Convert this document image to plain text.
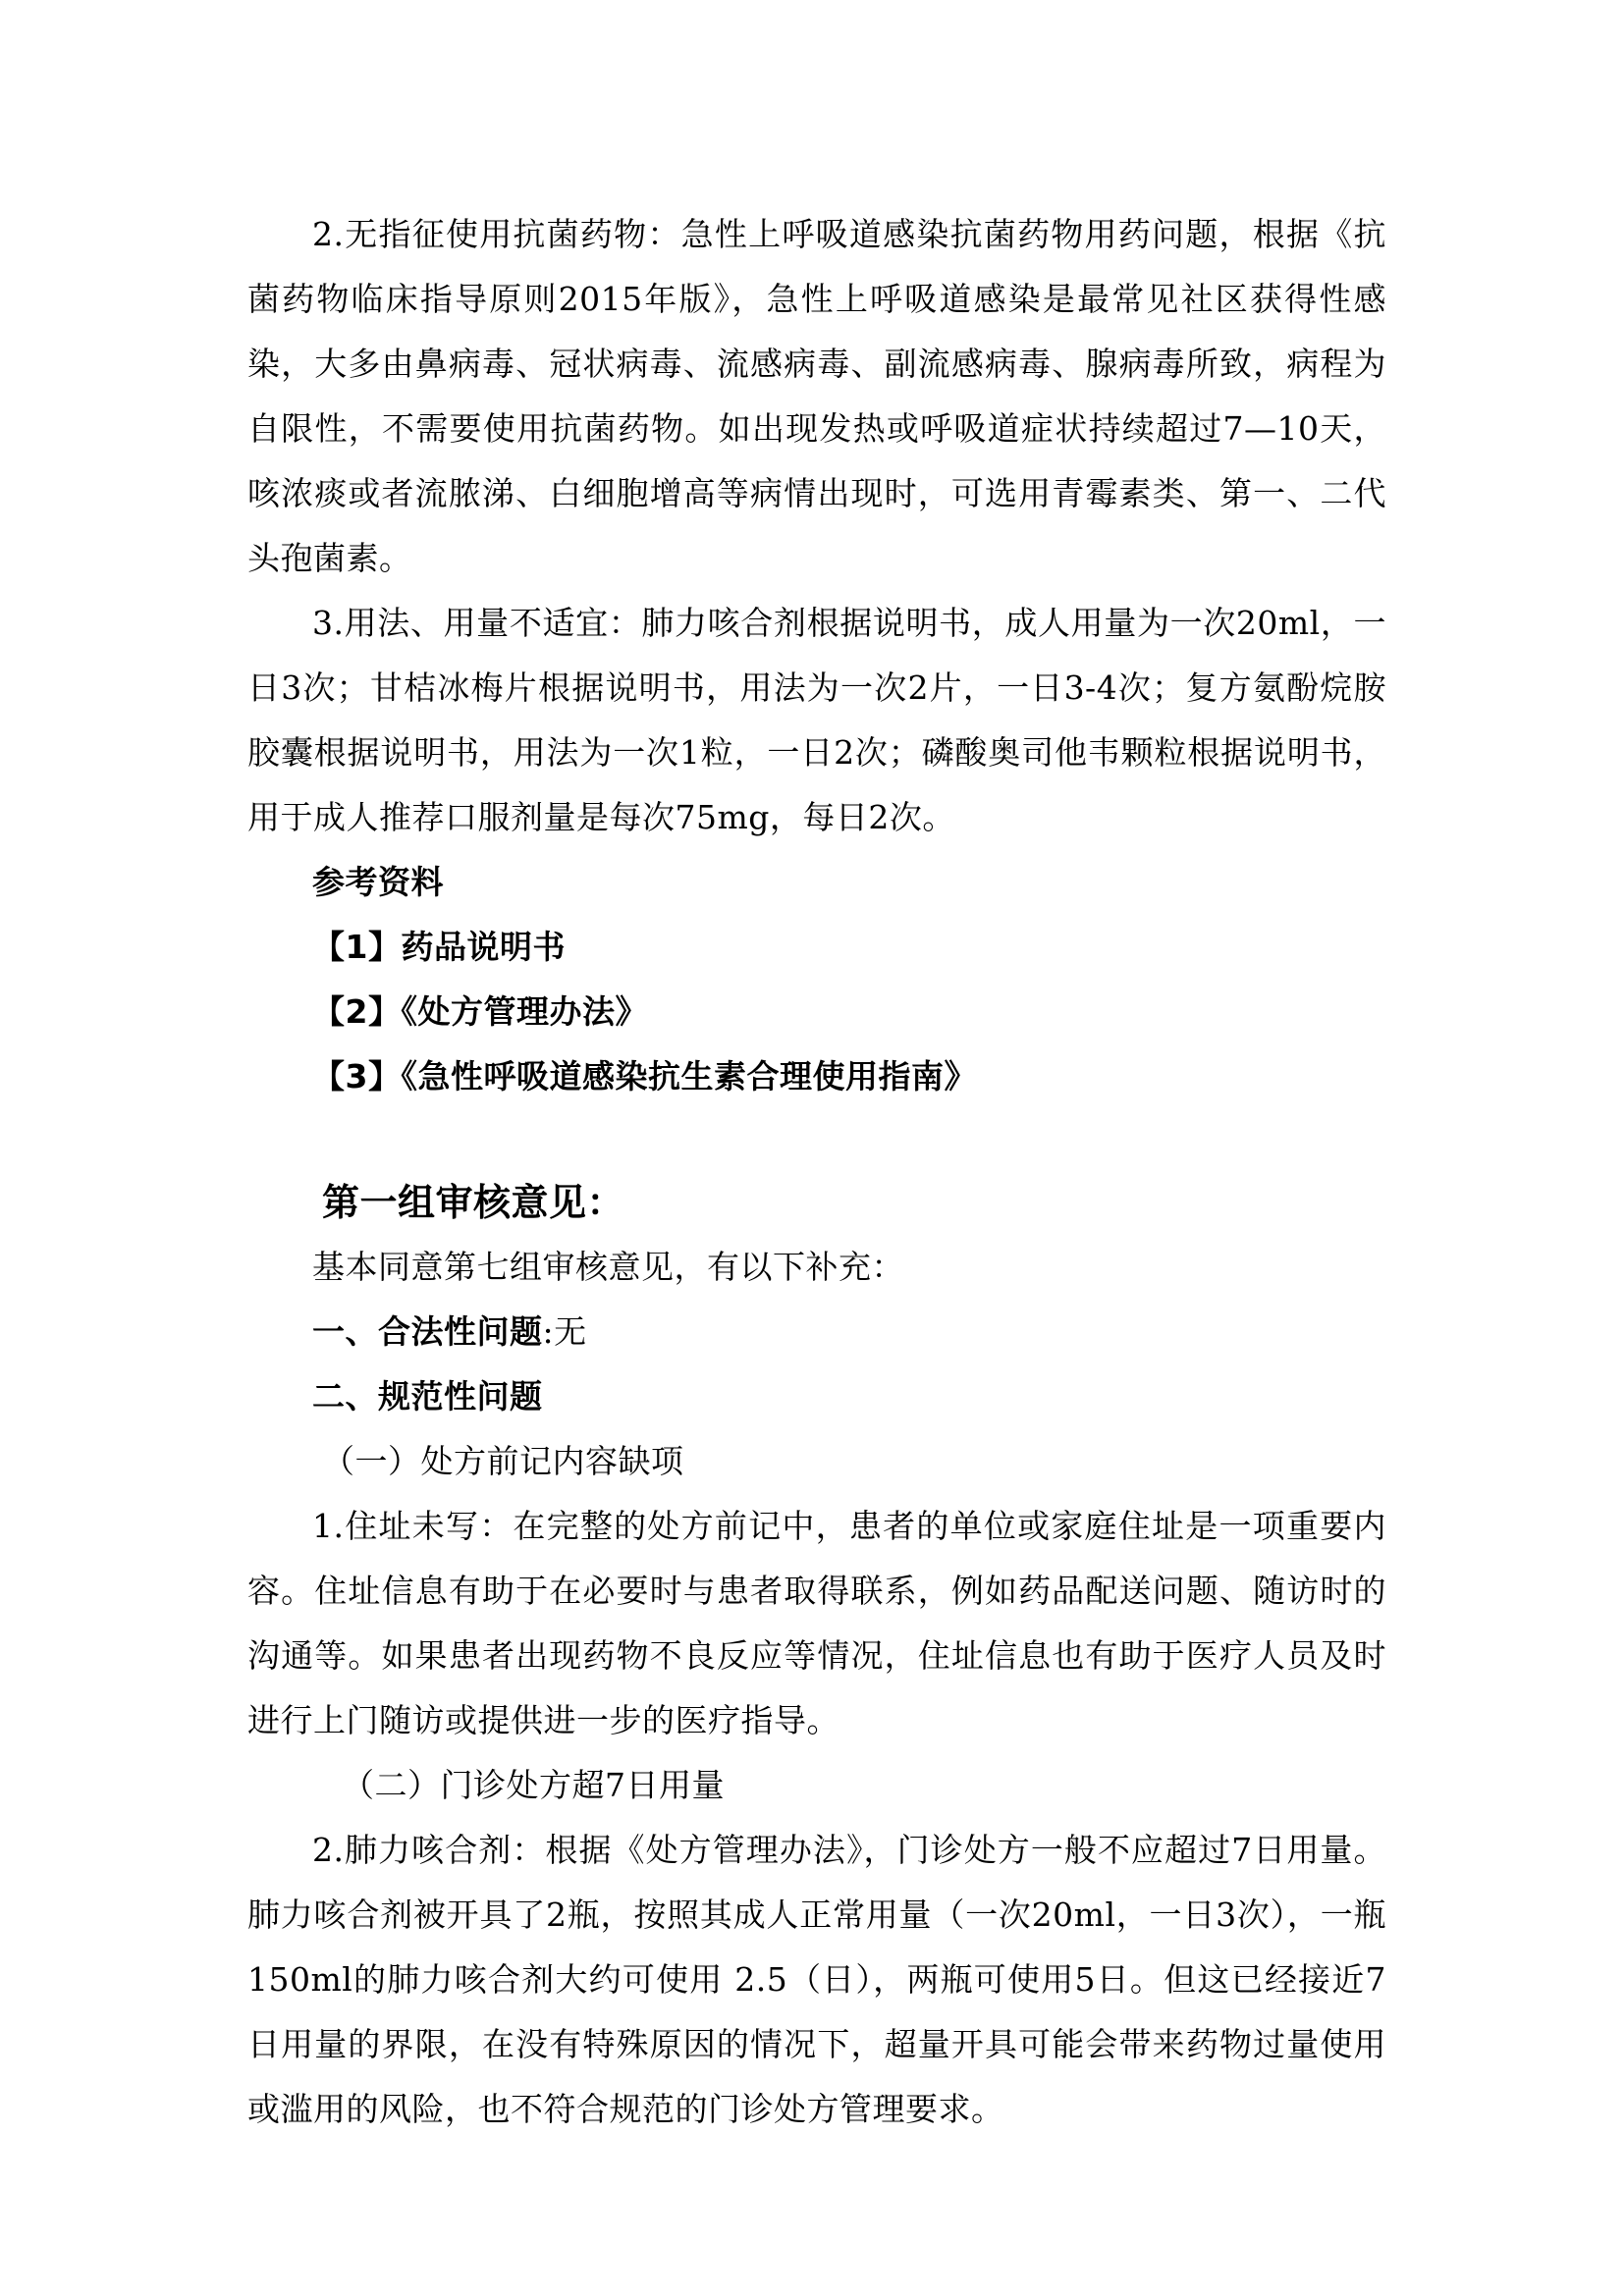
2.无指征使用抗菌药物：急性上呼吸道感染抗菌药物用药问题，根据《抗菌药物临床指导原则2015年版》，急性上呼吸道感染是最常见社区获得性感染，大多由鼻病毒、冠状病毒、流感病毒、副流感病毒、腺病毒所致，病程为自限性，不需要使用抗菌药物。如出现发热或呼吸道症状持续超过7—10天，咳浓痰或者流脓涕、白细胞增高等病情出现时，可选用青霉素类、第一、二代头孢菌素。

3.用法、用量不适宜：肺力咳合剂根据说明书，成人用量为一次20ml，一日3次；甘桔冰梅片根据说明书，用法为一次2片，一日3-4次；复方氨酚烷胺胶囊根据说明书，用法为一次1粒，一日2次；磷酸奥司他韦颗粒根据说明书，用于成人推荐口服剂量是每次75mg，每日2次。

参考资料

【1】药品说明书

【2】《处方管理办法》

【3】《急性呼吸道感染抗生素合理使用指南》

第一组审核意见：

基本同意第七组审核意见，有以下补充：

一、合法性问题:无

二、规范性问题

（一）处方前记内容缺项

1.住址未写：在完整的处方前记中，患者的单位或家庭住址是一项重要内容。住址信息有助于在必要时与患者取得联系，例如药品配送问题、随访时的沟通等。如果患者出现药物不良反应等情况，住址信息也有助于医疗人员及时进行上门随访或提供进一步的医疗指导。

（二）门诊处方超7日用量

2.肺力咳合剂：根据《处方管理办法》，门诊处方一般不应超过7日用量。肺力咳合剂被开具了2瓶，按照其成人正常用量（一次20ml，一日3次），一瓶150ml的肺力咳合剂大约可使用 2.5（日），两瓶可使用5日。但这已经接近7日用量的界限，在没有特殊原因的情况下，超量开具可能会带来药物过量使用或滥用的风险，也不符合规范的门诊处方管理要求。
